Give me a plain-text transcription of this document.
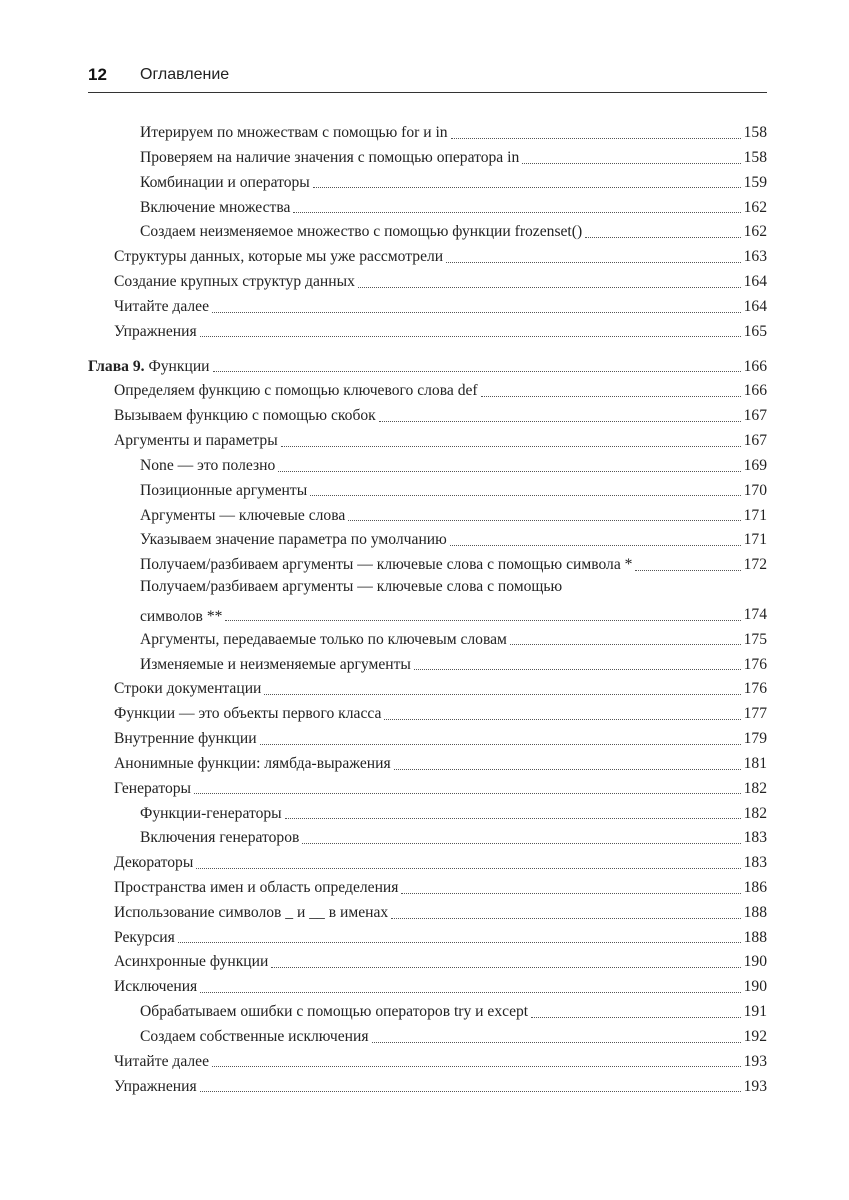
12 Оглавление
Итерируем по множествам с помощью for и in	158
Проверяем на наличие значения с помощью оператора in	158
Комбинации и операторы	159
Включение множества	162
Создаем неизменяемое множество с помощью функции frozenset()	162
Структуры данных, которые мы уже рассмотрели	163
Создание крупных структур данных	164
Читайте далее	164
Упражнения	165
Глава 9. Функции	166
Определяем функцию с помощью ключевого слова def	166
Вызываем функцию с помощью скобок	167
Аргументы и параметры	167
None — это полезно	169
Позиционные аргументы	170
Аргументы — ключевые слова	171
Указываем значение параметра по умолчанию	171
Получаем/разбиваем аргументы — ключевые слова с помощью символа *	172
Получаем/разбиваем аргументы — ключевые слова с помощью
символов **	174
Аргументы, передаваемые только по ключевым словам	175
Изменяемые и неизменяемые аргументы	176
Строки документации	176
Функции — это объекты первого класса	177
Внутренние функции	179
Анонимные функции: лямбда-выражения	181
Генераторы	182
Функции-генераторы	182
Включения генераторов	183
Декораторы	183
Пространства имен и область определения	186
Использование символов _ и __ в именах	188
Рекурсия	188
Асинхронные функции	190
Исключения	190
Обрабатываем ошибки с помощью операторов try и except	191
Создаем собственные исключения	192
Читайте далее	193
Упражнения	193
